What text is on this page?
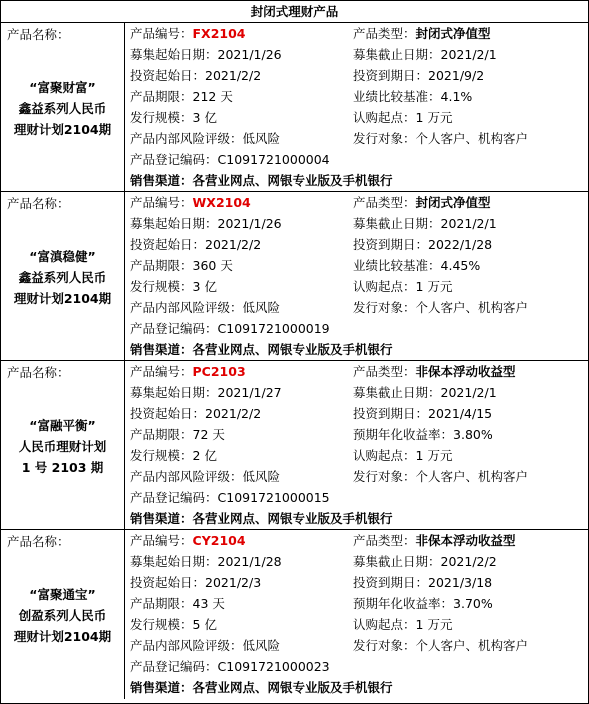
封闭式理财产品
产品名称：
“富聚财富”
鑫益系列人民币
理财计划2104期
产品编号：FX2104	产品类型：封闭式净值型
募集起始日期：2021/1/26	募集截止日期：2021/2/1
投资起始日：2021/2/2	投资到期日：2021/9/2
产品期限：212 天	业绩比较基准：4.1%
发行规模：3 亿	认购起点：1 万元
产品内部风险评级：低风险	发行对象：个人客户、机构客户
产品登记编码：C1091721000004
销售渠道：各营业网点、网银专业版及手机银行
产品名称：
“富滇稳健”
鑫益系列人民币
理财计划2104期
产品编号：WX2104	产品类型：封闭式净值型
募集起始日期：2021/1/26	募集截止日期：2021/2/1
投资起始日：2021/2/2	投资到期日：2022/1/28
产品期限：360 天	业绩比较基准：4.45%
发行规模：3 亿	认购起点：1 万元
产品内部风险评级：低风险	发行对象：个人客户、机构客户
产品登记编码：C1091721000019
销售渠道：各营业网点、网银专业版及手机银行
产品名称：
“富融平衡”
人民币理财计划
1 号 2103 期
产品编号：PC2103	产品类型：非保本浮动收益型
募集起始日期：2021/1/27	募集截止日期：2021/2/1
投资起始日：2021/2/2	投资到期日：2021/4/15
产品期限：72 天	预期年化收益率：3.80%
发行规模：2 亿	认购起点：1 万元
产品内部风险评级：低风险	发行对象：个人客户、机构客户
产品登记编码：C1091721000015
销售渠道：各营业网点、网银专业版及手机银行
产品名称：
“富聚通宝”
创盈系列人民币
理财计划2104期
产品编号：CY2104	产品类型：非保本浮动收益型
募集起始日期：2021/1/28	募集截止日期：2021/2/2
投资起始日：2021/2/3	投资到期日：2021/3/18
产品期限：43 天	预期年化收益率：3.70%
发行规模：5 亿	认购起点：1 万元
产品内部风险评级：低风险	发行对象：个人客户、机构客户
产品登记编码：C1091721000023
销售渠道：各营业网点、网银专业版及手机银行
